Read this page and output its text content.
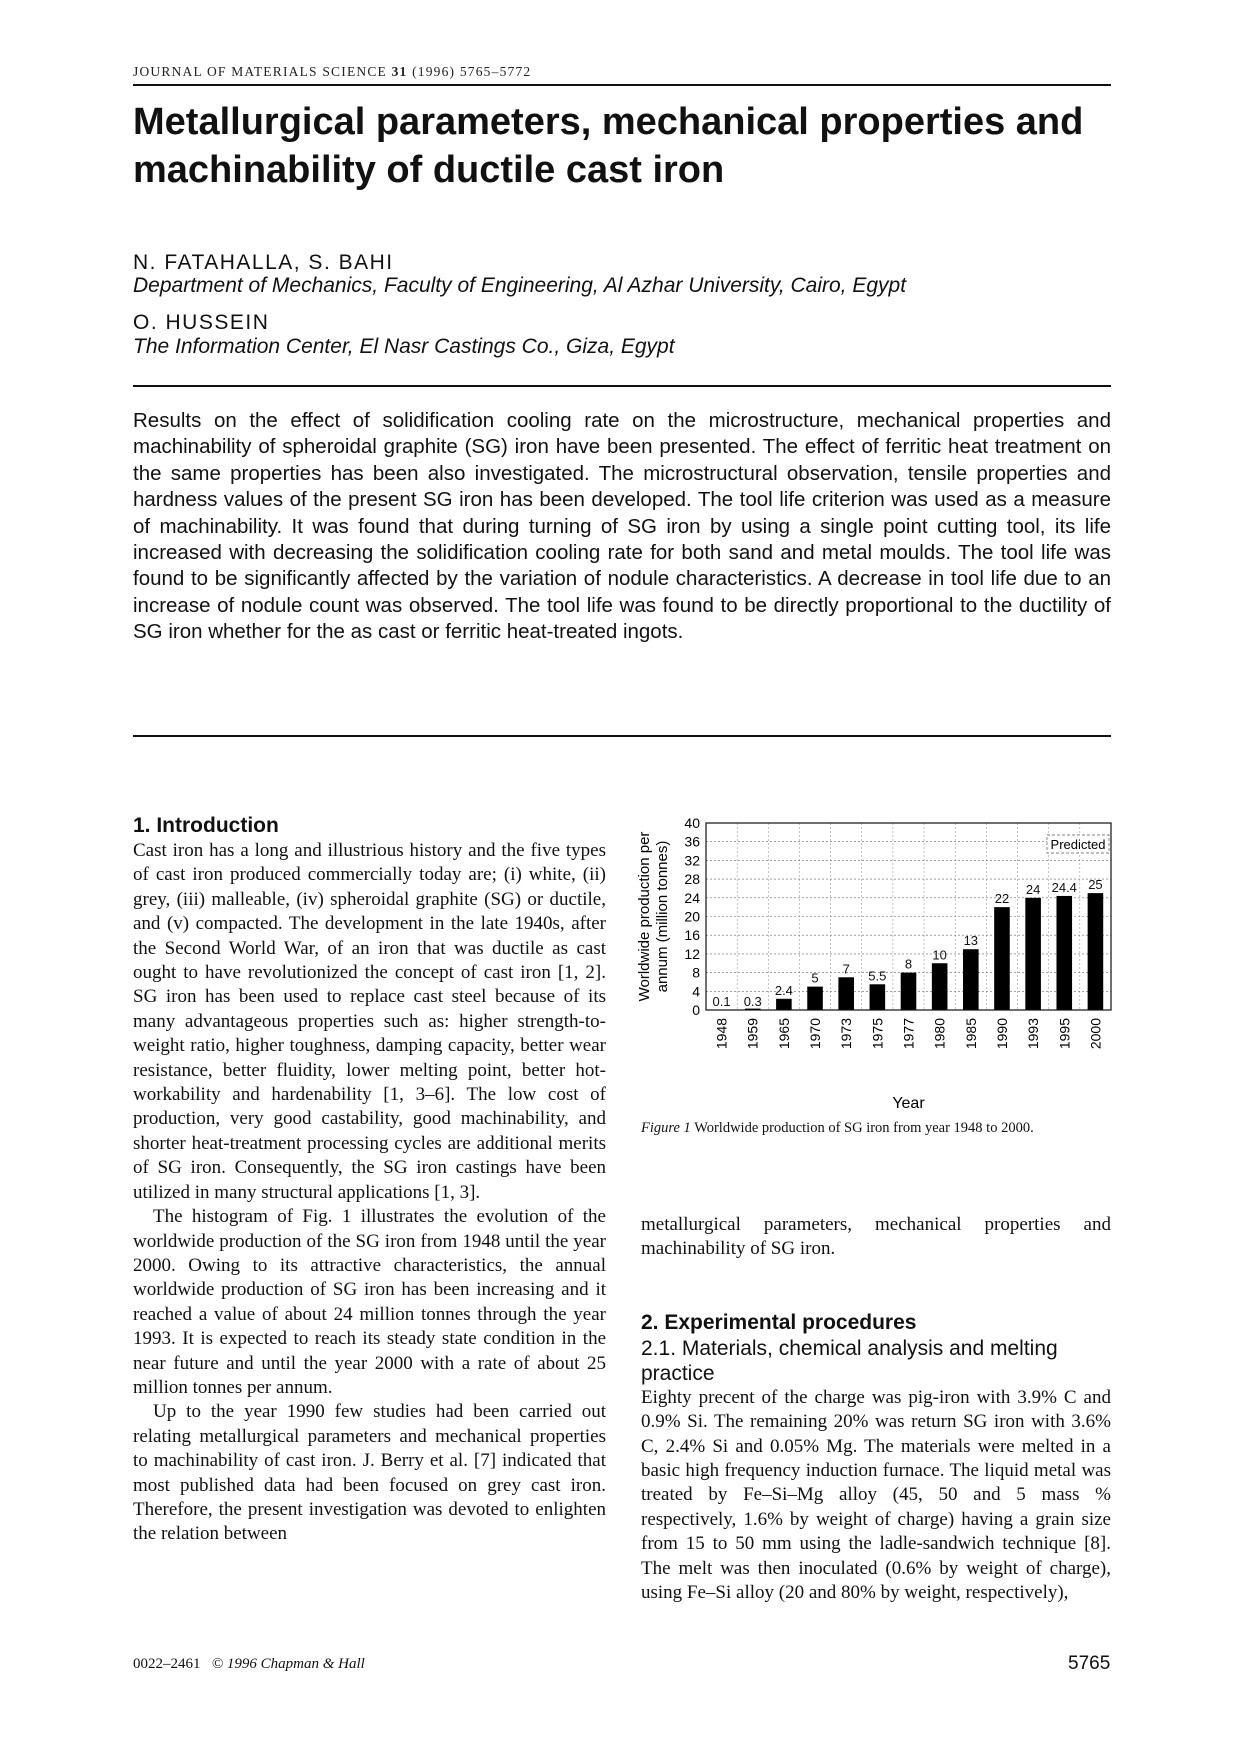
JOURNAL OF MATERIALS SCIENCE 31 (1996) 5765–5772
Metallurgical parameters, mechanical properties and machinability of ductile cast iron
N. FATAHALLA, S. BAHI
Department of Mechanics, Faculty of Engineering, Al Azhar University, Cairo, Egypt
O. HUSSEIN
The Information Center, El Nasr Castings Co., Giza, Egypt

Results on the effect of solidification cooling rate on the microstructure, mechanical properties and machinability of spheroidal graphite (SG) iron have been presented. The effect of ferritic heat treatment on the same properties has been also investigated. The microstructural observation, tensile properties and hardness values of the present SG iron has been developed. The tool life criterion was used as a measure of machinability. It was found that during turning of SG iron by using a single point cutting tool, its life increased with decreasing the solidification cooling rate for both sand and metal moulds. The tool life was found to be significantly affected by the variation of nodule characteristics. A decrease in tool life due to an increase of nodule count was observed. The tool life was found to be directly proportional to the ductility of SG iron whether for the as cast or ferritic heat-treated ingots.

1. Introduction

Cast iron has a long and illustrious history and the five types of cast iron produced commercially today are; (i) white, (ii) grey, (iii) malleable, (iv) spheroidal graphite (SG) or ductile, and (v) compacted. The development in the late 1940s, after the Second World War, of an iron that was ductile as cast ought to have revolutionized the concept of cast iron [1, 2]. SG iron has been used to replace cast steel because of its many advantageous properties such as: higher strength-to-weight ratio, higher toughness, damping capacity, better wear resistance, better fluidity, lower melting point, better hot-workability and hardenability [1, 3–6]. The low cost of production, very good castability, good machinability, and shorter heat-treatment processing cycles are additional merits of SG iron. Consequently, the SG iron castings have been utilized in many structural applications [1, 3].

The histogram of Fig. 1 illustrates the evolution of the worldwide production of the SG iron from 1948 until the year 2000. Owing to its attractive characteristics, the annual worldwide production of SG iron has been increasing and it reached a value of about 24 million tonnes through the year 1993. It is expected to reach its steady state condition in the near future and until the year 2000 with a rate of about 25 million tonnes per annum.

Up to the year 1990 few studies had been carried out relating metallurgical parameters and mechanical properties to machinability of cast iron. J. Berry et al. [7] indicated that most published data had been focused on grey cast iron. Therefore, the present investigation was devoted to enlighten the relation between

Worldwide production per annum (million tonnes)
0
4
8
12
16
20
24
28
32
36
40
0.1
1948
0.3
1959
2.4
1965
5
1970
7
1973
5.5
1975
8
1977
10
1980
13
1985
22
1990
24
1993
24.4
1995
25
2000
Predicted
Year
Figure 1 Worldwide production of SG iron from year 1948 to 2000.

metallurgical parameters, mechanical properties and machinability of SG iron.

2. Experimental procedures
2.1. Materials, chemical analysis and melting practice

Eighty precent of the charge was pig-iron with 3.9% C and 0.9% Si. The remaining 20% was return SG iron with 3.6% C, 2.4% Si and 0.05% Mg. The materials were melted in a basic high frequency induction furnace. The liquid metal was treated by Fe–Si–Mg alloy (45, 50 and 5 mass % respectively, 1.6% by weight of charge) having a grain size from 15 to 50 mm using the ladle-sandwich technique [8]. The melt was then inoculated (0.6% by weight of charge), using Fe–Si alloy (20 and 80% by weight, respectively),

0022–2461 © 1996 Chapman & Hall	5765
